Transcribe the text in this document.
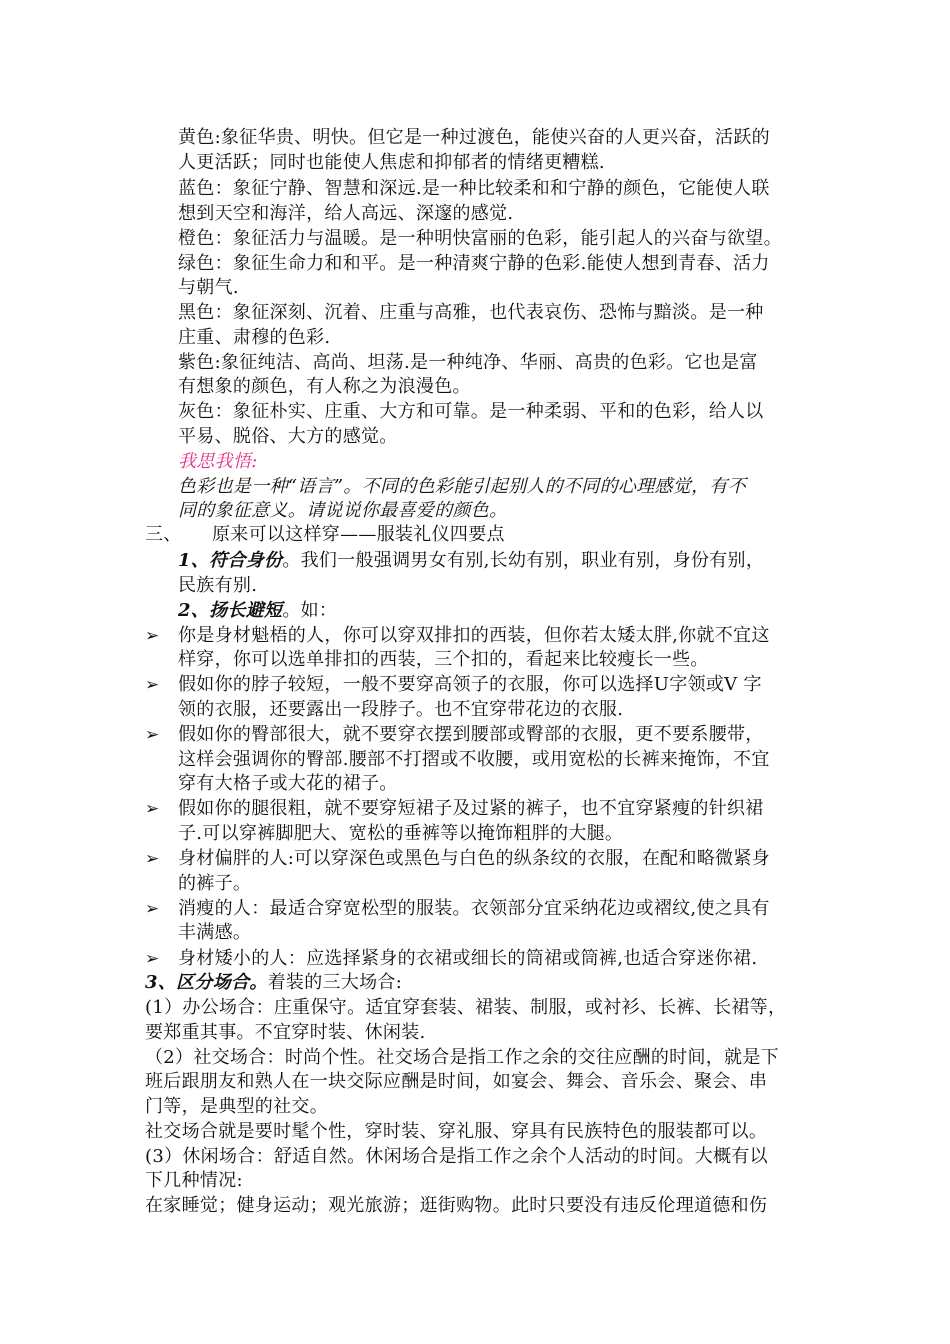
黄色:象征华贵、明快。但它是一种过渡色，能使兴奋的人更兴奋，活跃的
人更活跃；同时也能使人焦虑和抑郁者的情绪更糟糕.
蓝色：象征宁静、智慧和深远.是一种比较柔和和宁静的颜色，它能使人联
想到天空和海洋，给人高远、深邃的感觉.
橙色：象征活力与温暖。是一种明快富丽的色彩，能引起人的兴奋与欲望。
绿色：象征生命力和和平。是一种清爽宁静的色彩.能使人想到青春、活力
与朝气.
黑色：象征深刻、沉着、庄重与高雅，也代表哀伤、恐怖与黯淡。是一种
庄重、肃穆的色彩.
紫色:象征纯洁、高尚、坦荡.是一种纯净、华丽、高贵的色彩。它也是富
有想象的颜色，有人称之为浪漫色。
灰色：象征朴实、庄重、大方和可靠。是一种柔弱、平和的色彩，给人以
平易、脱俗、大方的感觉。
我思我悟:
色彩也是一种“语言”。不同的色彩能引起别人的不同的心理感觉，有不
同的象征意义。请说说你最喜爱的颜色。
三、 原来可以这样穿——服装礼仪四要点
1、符合身份。我们一般强调男女有别,长幼有别，职业有别，身份有别，
民族有别.
2、扬长避短。如：
➢ 你是身材魁梧的人，你可以穿双排扣的西装，但你若太矮太胖,你就不宜这
样穿，你可以选单排扣的西装，三个扣的，看起来比较瘦长一些。
➢ 假如你的脖子较短，一般不要穿高领子的衣服，你可以选择U字领或V 字
领的衣服，还要露出一段脖子。也不宜穿带花边的衣服.
➢ 假如你的臀部很大，就不要穿衣摆到腰部或臀部的衣服，更不要系腰带，
这样会强调你的臀部.腰部不打摺或不收腰，或用宽松的长裤来掩饰，不宜
穿有大格子或大花的裙子。
➢ 假如你的腿很粗，就不要穿短裙子及过紧的裤子，也不宜穿紧瘦的针织裙
子.可以穿裤脚肥大、宽松的垂裤等以掩饰粗胖的大腿。
➢ 身材偏胖的人:可以穿深色或黑色与白色的纵条纹的衣服，在配和略微紧身
的裤子。
➢ 消瘦的人：最适合穿宽松型的服装。衣领部分宜采纳花边或褶纹,使之具有
丰满感。
➢ 身材矮小的人：应选择紧身的衣裙或细长的筒裙或筒裤,也适合穿迷你裙.
3、区分场合。着装的三大场合:
(1）办公场合：庄重保守。适宜穿套装、裙装、制服，或衬衫、长裤、长裙等，
要郑重其事。不宜穿时装、休闲装.
（2）社交场合：时尚个性。社交场合是指工作之余的交往应酬的时间，就是下
班后跟朋友和熟人在一块交际应酬是时间，如宴会、舞会、音乐会、聚会、串
门等，是典型的社交。
社交场合就是要时髦个性，穿时装、穿礼服、穿具有民族特色的服装都可以。
(3）休闲场合：舒适自然。休闲场合是指工作之余个人活动的时间。大概有以
下几种情况:
在家睡觉；健身运动；观光旅游；逛街购物。此时只要没有违反伦理道德和伤
